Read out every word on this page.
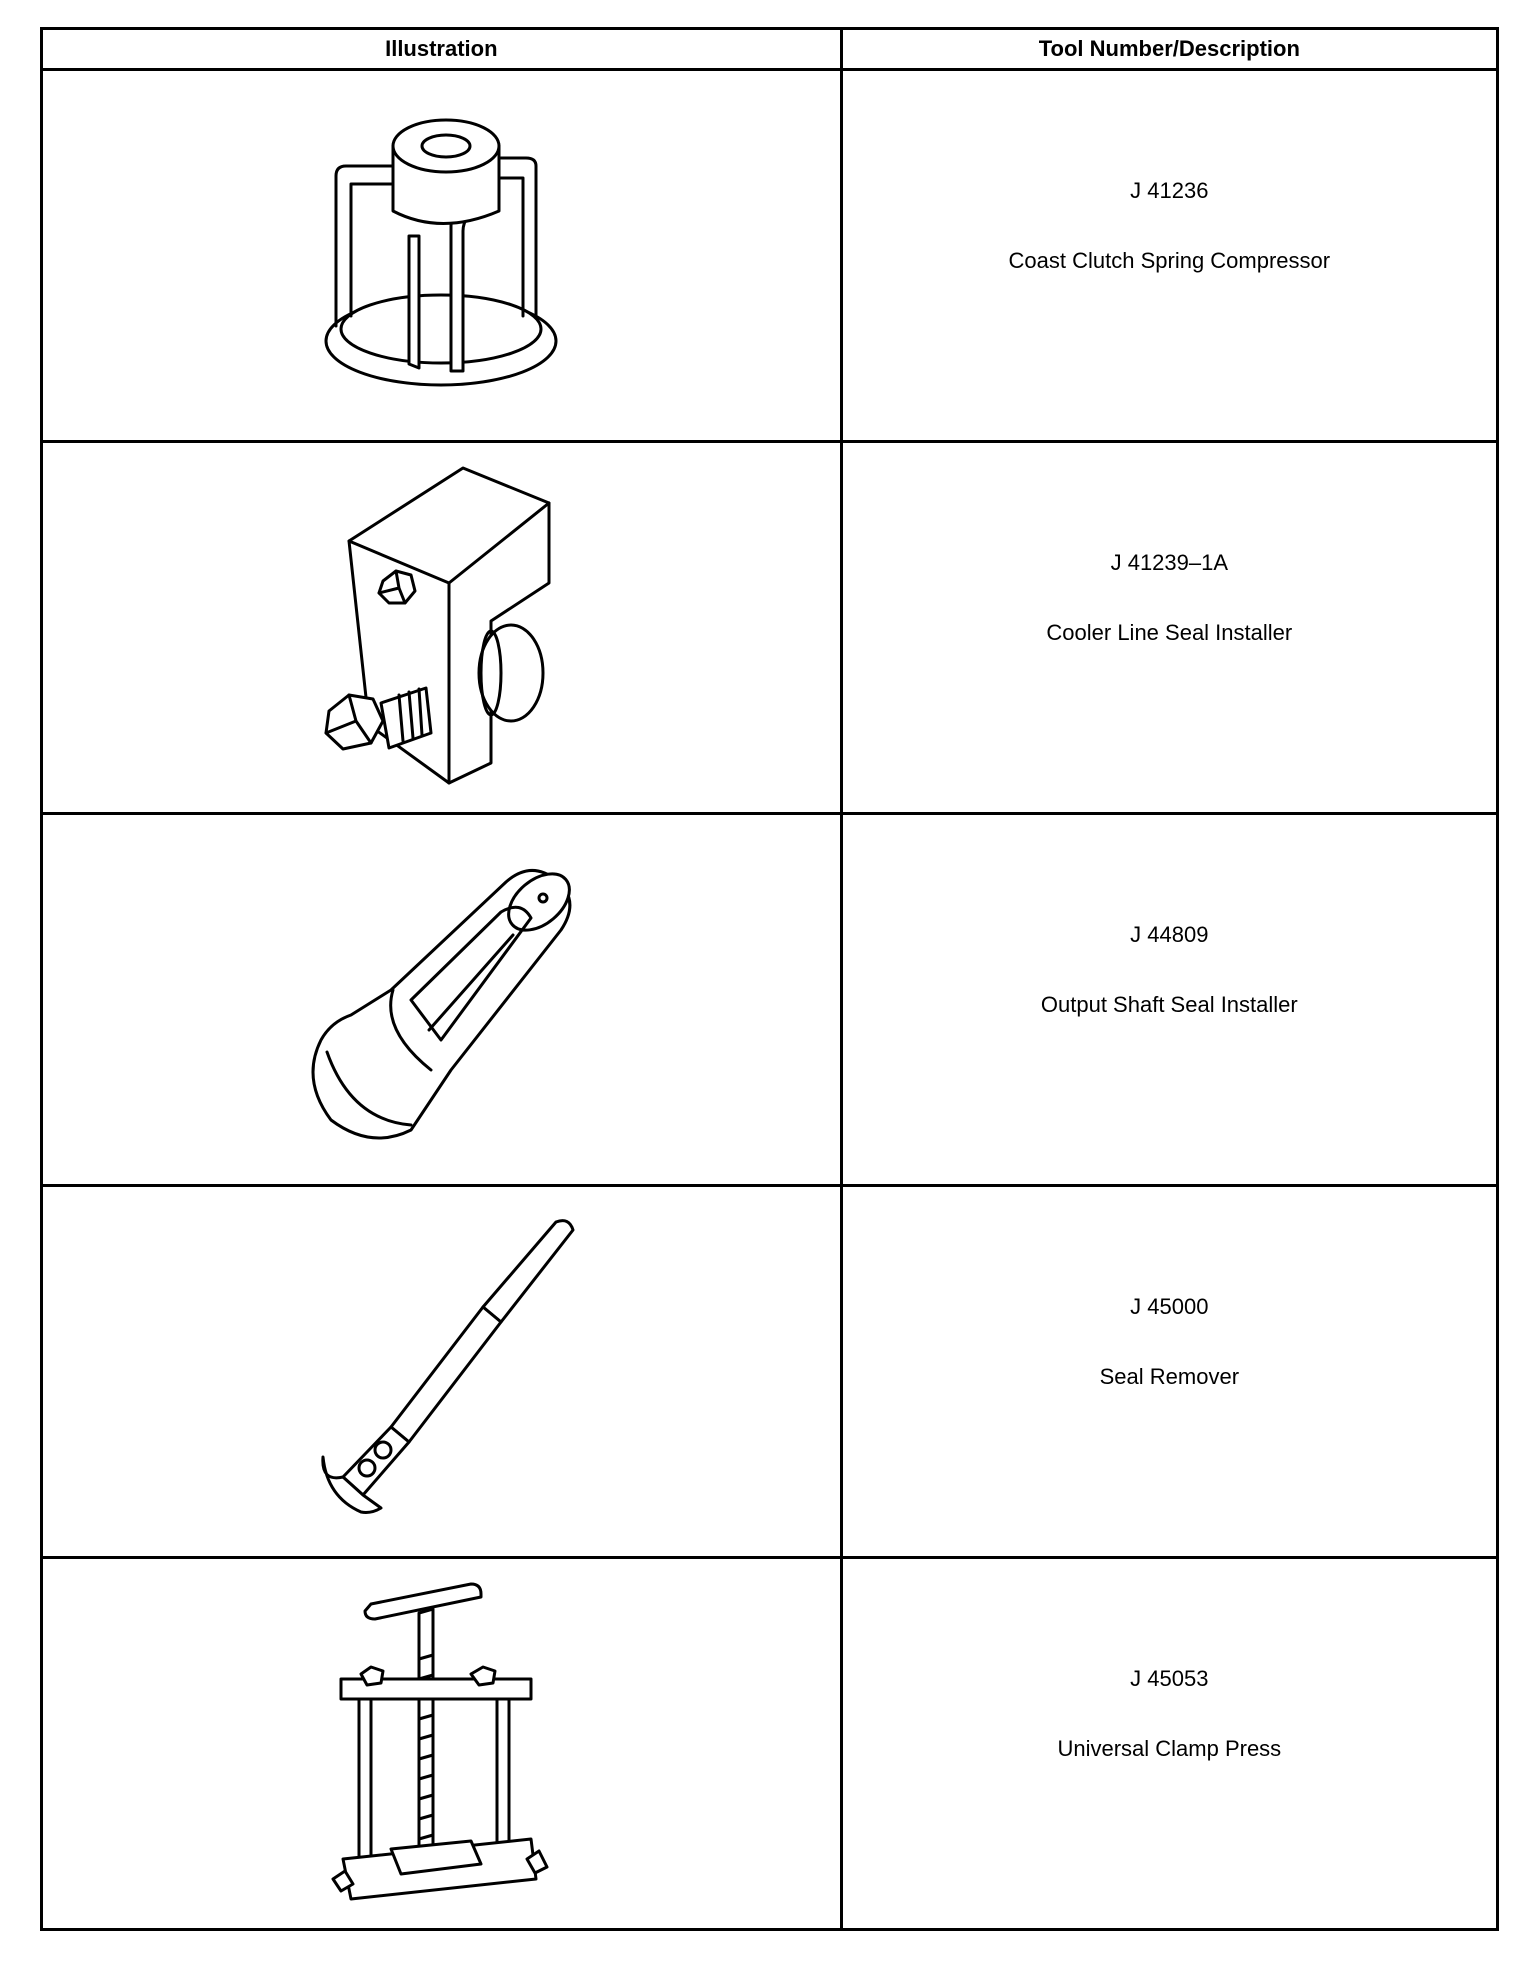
Illustration	Tool Number/Description

J 41236
Coast Clutch Spring Compressor

J 41239–1A
Cooler Line Seal Installer

J 44809
Output Shaft Seal Installer

J 45000
Seal Remover

J 45053
Universal Clamp Press
